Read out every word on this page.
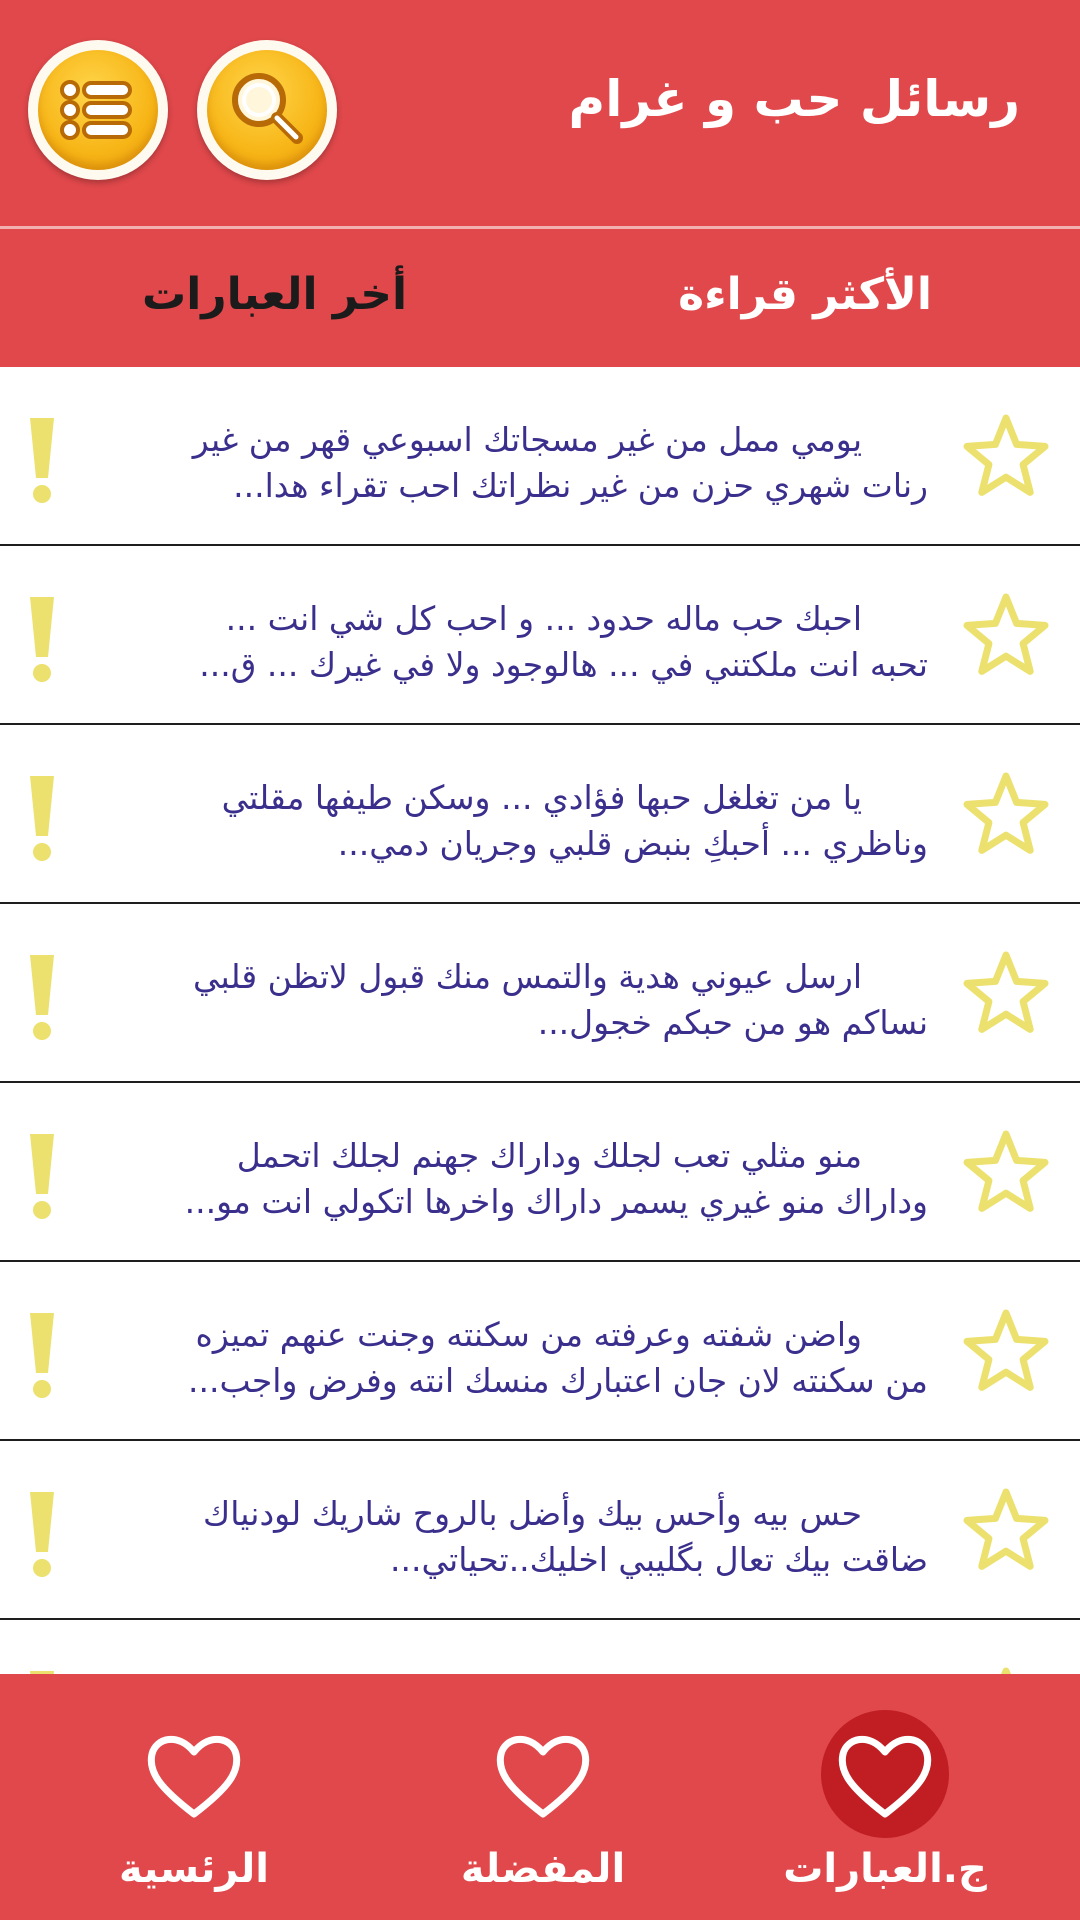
رسائل حب و غرام
الأكثر قراءة
أخر العبارات
يومي ممل من غير مسجاتك اسبوعي قهر من غير
رنات شهري حزن من غير نظراتك احب تقراء هدا...
احبك حب ماله حدود ... و احب كل شي انت ...
تحبه انت ملكتني في ... هالوجود ولا في غيرك ... ق...
يا من تغلغل حبها فؤادي ... وسكن طيفها مقلتي
وناظري ... أحبكِ بنبض قلبي وجريان دمي...
ارسل عيوني هدية والتمس منك قبول لاتظن قلبي
نساكم هو من حبكم خجول...
منو مثلي تعب لجلك وداراك جهنم لجلك اتحمل
وداراك منو غيري يسمر داراك واخرها اتكولي انت مو...
واضن شفته وعرفته من سكنته وجنت عنهم تميزه
من سكنته لان جان اعتبارك منسك انته وفرض واجب...
حس بيه وأحس بيك وأضل بالروح شاريك لودنياك
ضاقت بيك تعال بگليبي اخليك..تحياتي...
ج.العبارات
المفضلة
الرئسية
